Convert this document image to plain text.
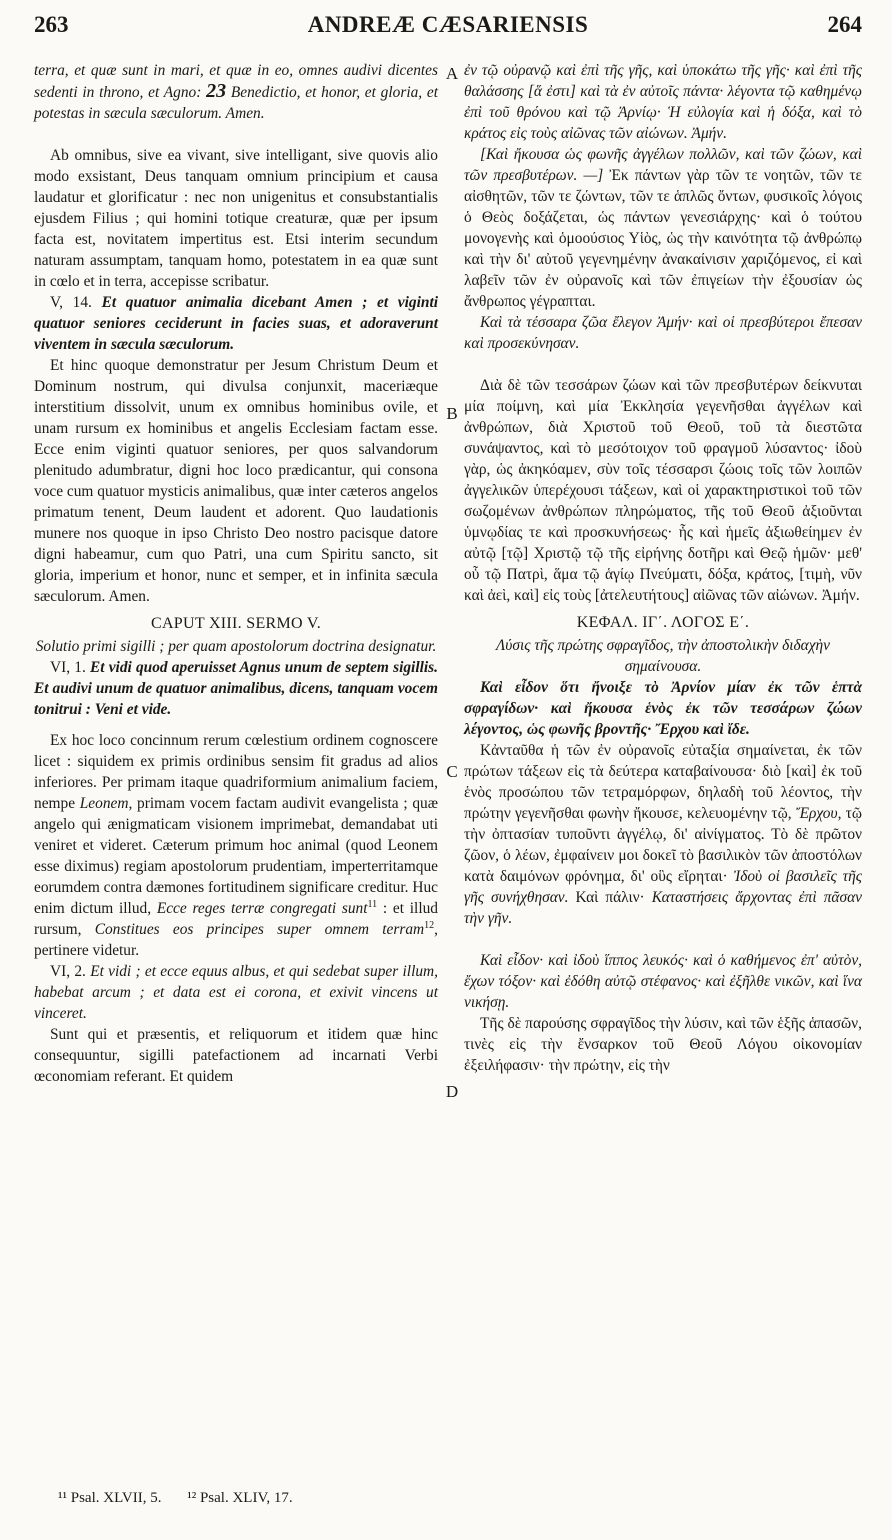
263	ANDREÆ CÆSARIENSIS	264

terra, et quæ sunt in mari, et quæ in eo, omnes audivi dicentes sedenti in throno, et Agno: 23 Benedictio, et honor, et gloria, et potestas in sæcula sæculorum. Amen.

Ab omnibus, sive ea vivant, sive intelligant, sive quovis alio modo exsistant, Deus tanquam omnium principium et causa laudatur et glorificatur : nec non unigenitus et consubstantialis ejusdem Filius ; qui homini totique creaturæ, quæ per ipsum facta est, novitatem impertitus est. Etsi interim secundum naturam assumptam, tanquam homo, potestatem in ea quæ sunt in cœlo et in terra, accepisse scribatur.

V, 14. Et quatuor animalia dicebant Amen ; et viginti quatuor seniores ceciderunt in facies suas, et adoraverunt viventem in sæcula sæculorum.

Et hinc quoque demonstratur per Jesum Christum Deum et Dominum nostrum, qui divulsa conjunxit, maceriæque interstitium dissolvit, unum ex omnibus hominibus ovile, et unam rursum ex hominibus et angelis Ecclesiam factam esse. Ecce enim viginti quatuor seniores, per quos salvandorum plenitudo adumbratur, digni hoc loco prædicantur, qui consona voce cum quatuor mysticis animalibus, quæ inter cæteros angelos primatum tenent, Deum laudent et adorent. Quo laudationis munere nos quoque in ipso Christo Deo nostro pacisque datore digni habeamur, cum quo Patri, una cum Spiritu sancto, sit gloria, imperium et honor, nunc et semper, et in infinita sæcula sæculorum. Amen.

CAPUT XIII. SERMO V.

Solutio primi sigilli ; per quam apostolorum doctrina designatur.

VI, 1. Et vidi quod aperuisset Agnus unum de septem sigillis. Et audivi unum de quatuor animalibus, dicens, tanquam vocem tonitrui : Veni et vide.

Ex hoc loco concinnum rerum cœlestium ordinem cognoscere licet : siquidem ex primis ordinibus sensim fit gradus ad alios inferiores. Per primam itaque quadriformium animalium faciem, nempe Leonem, primam vocem factam audivit evangelista ; quæ angelo qui ænigmaticam visionem imprimebat, demandabat uti veniret et videret. Cæterum primum hoc animal (quod Leonem esse diximus) regiam apostolorum prudentiam, imperterritamque eorumdem contra dæmones fortitudinem significare creditur. Huc enim dictum illud, Ecce reges terræ congregati sunt$^{11}$ : et illud rursum, Constitues eos principes super omnem terram$^{12}$, pertinere videtur.

VI, 2. Et vidi ; et ecce equus albus, et qui sedebat super illum, habebat arcum ; et data est ei corona, et exivit vincens ut vinceret.

Sunt qui et præsentis, et reliquorum et itidem quæ hinc consequuntur, sigilli patefactionem ad incarnati Verbi œconomiam referant. Et quidem

A
B
C
D

ἐν τῷ οὐρανῷ καὶ ἐπὶ τῆς γῆς, καὶ ὑποκάτω τῆς γῆς· καὶ ἐπὶ τῆς θαλάσσης [ἅ ἐστι] καὶ τὰ ἐν αὐτοῖς πάντα· λέγοντα τῷ καθημένῳ ἐπὶ τοῦ θρόνου καὶ τῷ Ἀρνίῳ· Ἡ εὐλογία καὶ ἡ δόξα, καὶ τὸ κράτος εἰς τοὺς αἰῶνας τῶν αἰώνων. Ἀμήν.

[Καὶ ἤκουσα ὡς φωνῆς ἀγγέλων πολλῶν, καὶ τῶν ζώων, καὶ τῶν πρεσβυτέρων. —] Ἐκ πάντων γὰρ τῶν τε νοητῶν, τῶν τε αἰσθητῶν, τῶν τε ζώντων, τῶν τε ἁπλῶς ὄντων, φυσικοῖς λόγοις ὁ Θεὸς δοξάζεται, ὡς πάντων γενεσιάρχης· καὶ ὁ τούτου μονογενὴς καὶ ὁμοούσιος Υἱὸς, ὡς τὴν καινότητα τῷ ἀνθρώπῳ καὶ τὴν δι' αὐτοῦ γεγενημένην ἀνακαίνισιν χαριζόμενος, εἰ καὶ λαβεῖν τῶν ἐν οὐρανοῖς καὶ τῶν ἐπιγείων τὴν ἐξουσίαν ὡς ἄνθρωπος γέγραπται.

Καὶ τὰ τέσσαρα ζῶα ἔλεγον Ἀμήν· καὶ οἱ πρεσβύτεροι ἔπεσαν καὶ προσεκύνησαν.

Διὰ δὲ τῶν τεσσάρων ζώων καὶ τῶν πρεσβυτέρων δείκνυται μία ποίμνη, καὶ μία Ἐκκλησία γεγενῆσθαι ἀγγέλων καὶ ἀνθρώπων, διὰ Χριστοῦ τοῦ Θεοῦ, τοῦ τὰ διεστῶτα συνάψαντος, καὶ τὸ μεσότοιχον τοῦ φραγμοῦ λύσαντος· ἰδοὺ γὰρ, ὡς ἀκηκόαμεν, σὺν τοῖς τέσσαρσι ζώοις τοῖς τῶν λοιπῶν ἀγγελικῶν ὑπερέχουσι τάξεων, καὶ οἱ χαρακτηριστικοὶ τοῦ τῶν σωζομένων ἀνθρώπων πληρώματος, τῆς τοῦ Θεοῦ ἀξιοῦνται ὑμνῳδίας τε καὶ προσκυνήσεως· ἧς καὶ ἡμεῖς ἀξιωθείημεν ἐν αὐτῷ [τῷ] Χριστῷ τῷ τῆς εἰρήνης δοτῆρι καὶ Θεῷ ἡμῶν· μεθ' οὗ τῷ Πατρὶ, ἅμα τῷ ἁγίῳ Πνεύματι, δόξα, κράτος, [τιμὴ, νῦν καὶ ἀεὶ, καὶ] εἰς τοὺς [ἀτελευτήτους] αἰῶνας τῶν αἰώνων. Ἀμήν.

ΚΕΦΑΛ. ΙΓ΄. ΛΟΓΟΣ Ε΄.

Λύσις τῆς πρώτης σφραγῖδος, τὴν ἀποστολικὴν διδαχὴν σημαίνουσα.

Καὶ εἶδον ὅτι ἤνοιξε τὸ Ἀρνίον μίαν ἐκ τῶν ἑπτὰ σφραγίδων· καὶ ἤκουσα ἑνὸς ἐκ τῶν τεσσάρων ζώων λέγοντος, ὡς φωνῆς βροντῆς· Ἔρχου καὶ ἴδε.

Κἀνταῦθα ἡ τῶν ἐν οὐρανοῖς εὐταξία σημαίνεται, ἐκ τῶν πρώτων τάξεων εἰς τὰ δεύτερα καταβαίνουσα· διὸ [καὶ] ἐκ τοῦ ἑνὸς προσώπου τῶν τετραμόρφων, δηλαδὴ τοῦ λέοντος, τὴν πρώτην γεγενῆσθαι φωνὴν ἤκουσε, κελευομένην τῷ, Ἔρχου, τῷ τὴν ὀπτασίαν τυποῦντι ἀγγέλῳ, δι' αἰνίγματος. Τὸ δὲ πρῶτον ζῶον, ὁ λέων, ἐμφαίνειν μοι δοκεῖ τὸ βασιλικὸν τῶν ἀποστόλων κατὰ δαιμόνων φρόνημα, δι' οὓς εἴρηται· Ἰδοὺ οἱ βασιλεῖς τῆς γῆς συνήχθησαν. Καὶ πάλιν· Καταστήσεις ἄρχοντας ἐπὶ πᾶσαν τὴν γῆν.

Καὶ εἶδον· καὶ ἰδοὺ ἵππος λευκός· καὶ ὁ καθήμενος ἐπ' αὐτὸν, ἔχων τόξον· καὶ ἐδόθη αὐτῷ στέφανος· καὶ ἐξῆλθε νικῶν, καὶ ἵνα νικήσῃ.

Τῆς δὲ παρούσης σφραγῖδος τὴν λύσιν, καὶ τῶν ἑξῆς ἁπασῶν, τινὲς εἰς τὴν ἔνσαρκον τοῦ Θεοῦ Λόγου οἰκονομίαν ἐξειλήφασιν· τὴν πρώτην, εἰς τὴν

¹¹ Psal. XLVII, 5. ¹² Psal. XLIV, 17.
